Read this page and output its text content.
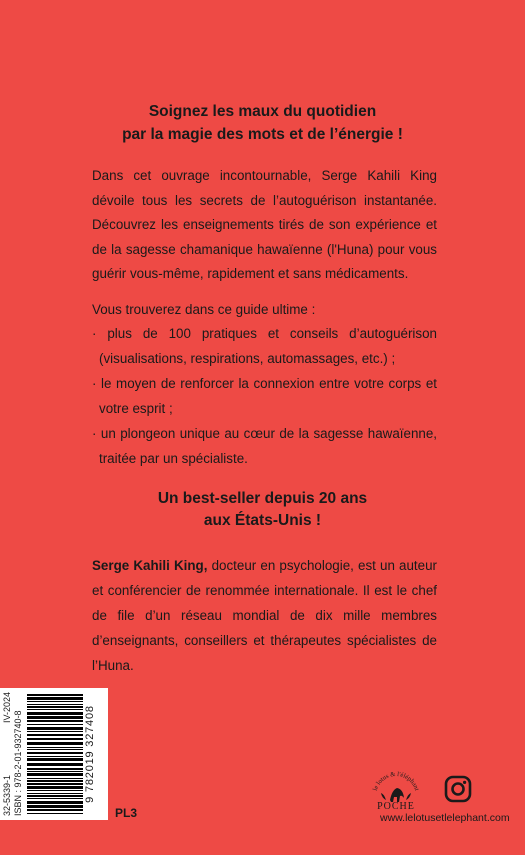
Soignez les maux du quotidien
par la magie des mots et de l’énergie !
Dans cet ouvrage incontournable, Serge Kahili King dévoile tous les secrets de l’autoguérison instantanée. Découvrez les enseignements tirés de son expérience et de la sagesse chamanique hawaïenne (l'Huna) pour vous guérir vous-même, rapidement et sans médicaments.
Vous trouverez dans ce guide ultime :
· plus de 100 pratiques et conseils d’autoguérison (visualisations, respirations, automassages, etc.) ;
· le moyen de renforcer la connexion entre votre corps et votre esprit ;
· un plongeon unique au cœur de la sagesse hawaïenne, traitée par un spécialiste.
Un best-seller depuis 20 ans
aux États-Unis !
Serge Kahili King, docteur en psychologie, est un auteur et conférencier de renommée internationale. Il est le chef de file d’un réseau mondial de dix mille membres d’enseignants, conseillers et thérapeutes spécialistes de l’Huna.
32-5339-1
IV-2024
ISBN : 978-2-01-932740-8	9 782019 327408
PL3
le lotus & l'éléphant
POCHE
www.lelotusetlelephant.com
